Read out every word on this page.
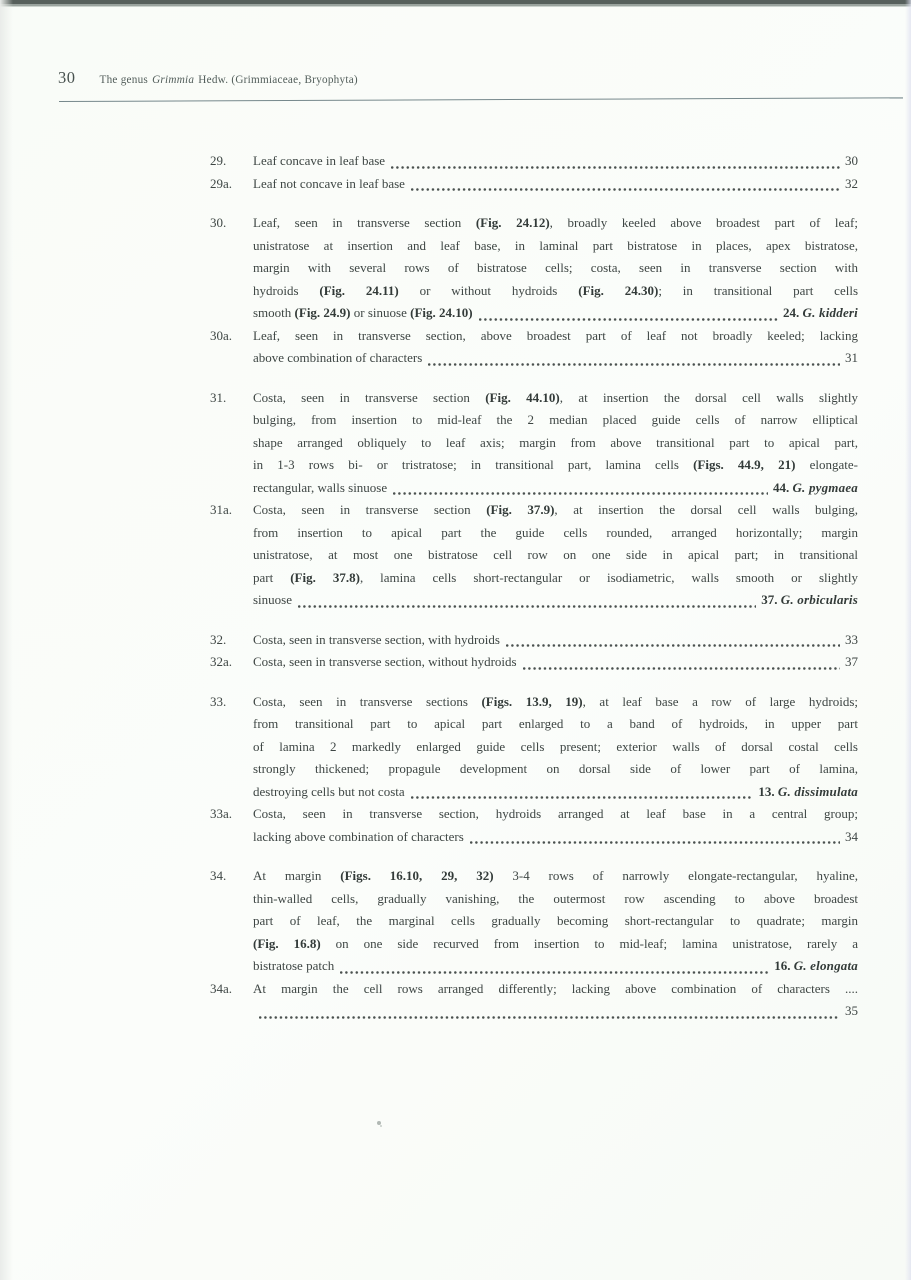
30 The genus Grimmia Hedw. (Grimmiaceae, Bryophyta)
29.	Leaf concave in leaf base	30
29a.	Leaf not concave in leaf base	32
30.	Leaf, seen in transverse section (Fig. 24.12), broadly keeled above broadest part of leaf;
unistratose at insertion and leaf base, in laminal part bistratose in places, apex bistratose,
margin with several rows of bistratose cells; costa, seen in transverse section with
hydroids (Fig. 24.11) or without hydroids (Fig. 24.30); in transitional part cells
smooth (Fig. 24.9) or sinuose (Fig. 24.10)	24. G. kidderi
30a.	Leaf, seen in transverse section, above broadest part of leaf not broadly keeled; lacking
above combination of characters	31
31.	Costa, seen in transverse section (Fig. 44.10), at insertion the dorsal cell walls slightly
bulging, from insertion to mid-leaf the 2 median placed guide cells of narrow elliptical
shape arranged obliquely to leaf axis; margin from above transitional part to apical part,
in 1-3 rows bi- or tristratose; in transitional part, lamina cells (Figs. 44.9, 21) elongate-
rectangular, walls sinuose	44. G. pygmaea
31a.	Costa, seen in transverse section (Fig. 37.9), at insertion the dorsal cell walls bulging,
from insertion to apical part the guide cells rounded, arranged horizontally; margin
unistratose, at most one bistratose cell row on one side in apical part; in transitional
part (Fig. 37.8), lamina cells short-rectangular or isodiametric, walls smooth or slightly
sinuose	37. G. orbicularis
32.	Costa, seen in transverse section, with hydroids	33
32a.	Costa, seen in transverse section, without hydroids	37
33.	Costa, seen in transverse sections (Figs. 13.9, 19), at leaf base a row of large hydroids;
from transitional part to apical part enlarged to a band of hydroids, in upper part
of lamina 2 markedly enlarged guide cells present; exterior walls of dorsal costal cells
strongly thickened; propagule development on dorsal side of lower part of lamina,
destroying cells but not costa	13. G. dissimulata
33a.	Costa, seen in transverse section, hydroids arranged at leaf base in a central group;
lacking above combination of characters	34
34.	At margin (Figs. 16.10, 29, 32) 3-4 rows of narrowly elongate-rectangular, hyaline,
thin-walled cells, gradually vanishing, the outermost row ascending to above broadest
part of leaf, the marginal cells gradually becoming short-rectangular to quadrate; margin
(Fig. 16.8) on one side recurved from insertion to mid-leaf; lamina unistratose, rarely a
bistratose patch	16. G. elongata
34a.	At margin the cell rows arranged differently; lacking above combination of characters ....
35
